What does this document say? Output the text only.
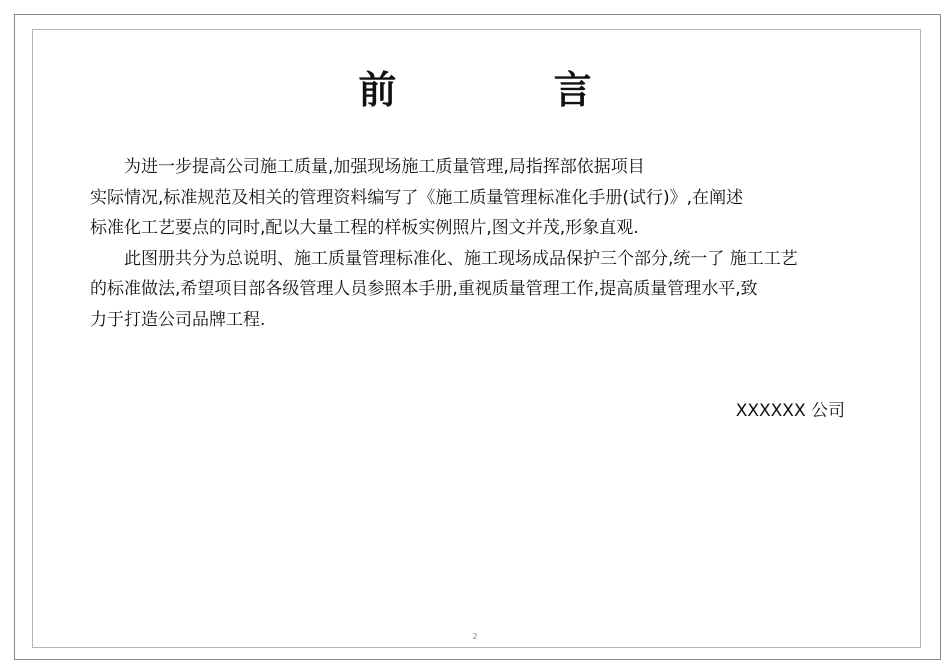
前 言
为进一步提高公司施工质量,加强现场施工质量管理,局指挥部依据项目
实际情况,标准规范及相关的管理资料编写了《施工质量管理标准化手册(试行)》,在阐述
标准化工艺要点的同时,配以大量工程的样板实例照片,图文并茂,形象直观.
此图册共分为总说明、施工质量管理标准化、施工现场成品保护三个部分,统一了 施工工艺
的标准做法,希望项目部各级管理人员参照本手册,重视质量管理工作,提高质量管理水平,致
力于打造公司品牌工程.
XXXXXX 公司
2
